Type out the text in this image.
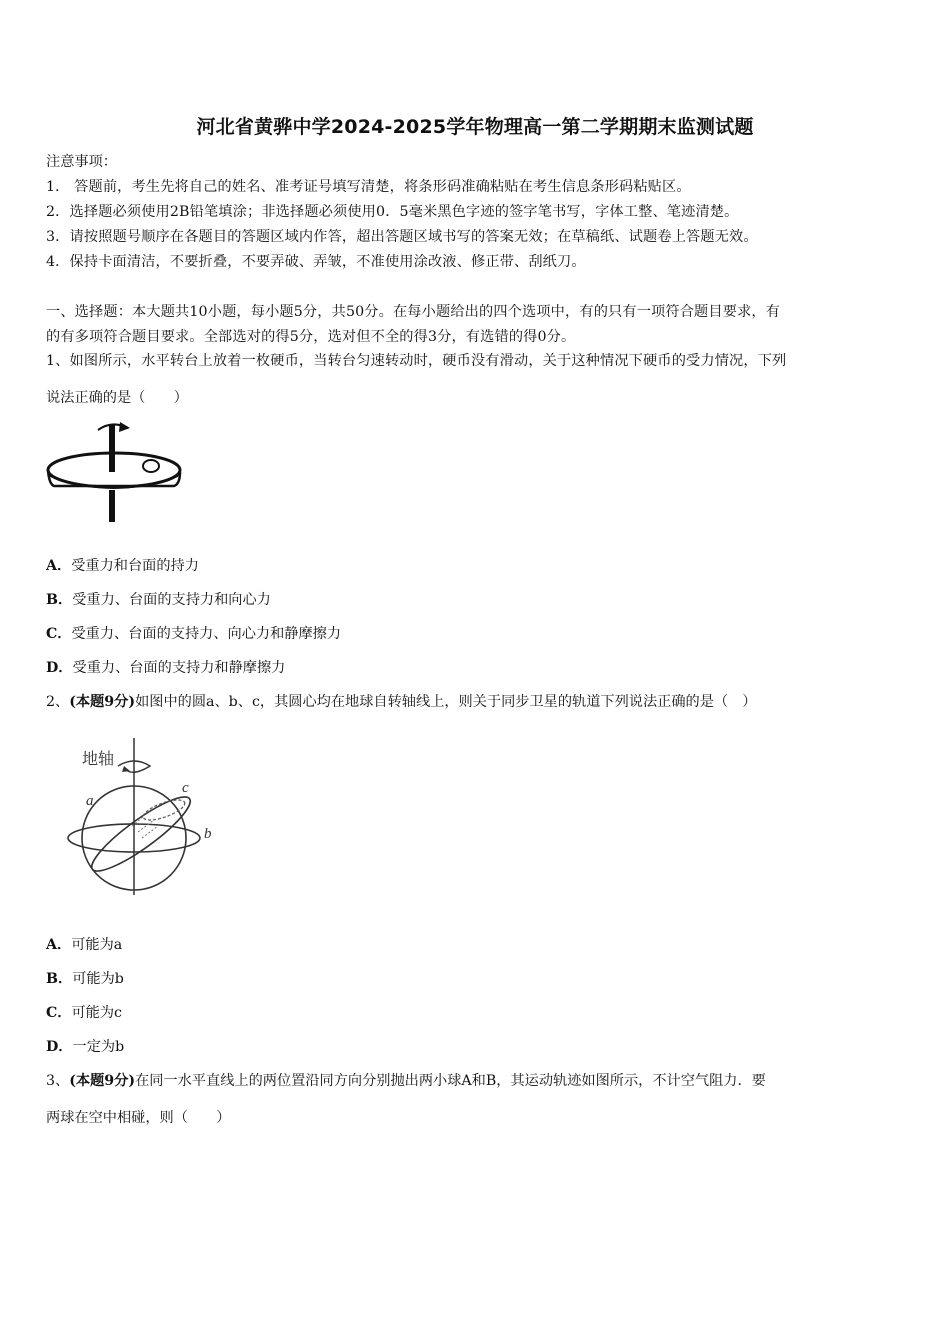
河北省黄骅中学2024-2025学年物理高一第二学期期末监测试题
注意事项：
1． 答题前，考生先将自己的姓名、准考证号填写清楚，将条形码准确粘贴在考生信息条形码粘贴区。
2．选择题必须使用2B铅笔填涂；非选择题必须使用0．5毫米黑色字迹的签字笔书写，字体工整、笔迹清楚。
3．请按照题号顺序在各题目的答题区域内作答，超出答题区域书写的答案无效；在草稿纸、试题卷上答题无效。
4．保持卡面清洁，不要折叠，不要弄破、弄皱，不准使用涂改液、修正带、刮纸刀。
一、选择题：本大题共10小题，每小题5分，共50分。在每小题给出的四个选项中，有的只有一项符合题目要求，有
的有多项符合题目要求。全部选对的得5分，选对但不全的得3分，有选错的得0分。
1、如图所示，水平转台上放着一枚硬币，当转台匀速转动时，硬币没有滑动，关于这种情况下硬币的受力情况，下列
说法正确的是（　　）
A．受重力和台面的持力
B．受重力、台面的支持力和向心力
C．受重力、台面的支持力、向心力和静摩擦力
D．受重力、台面的支持力和静摩擦力
2、(本题9分)如图中的圆a、b、c，其圆心均在地球自转轴线上，则关于同步卫星的轨道下列说法正确的是（　）
地轴
a
b
c
A．可能为a
B．可能为b
C．可能为c
D．一定为b
3、(本题9分)在同一水平直线上的两位置沿同方向分别抛出两小球A和B，其运动轨迹如图所示，不计空气阻力．要
两球在空中相碰，则（　　）
